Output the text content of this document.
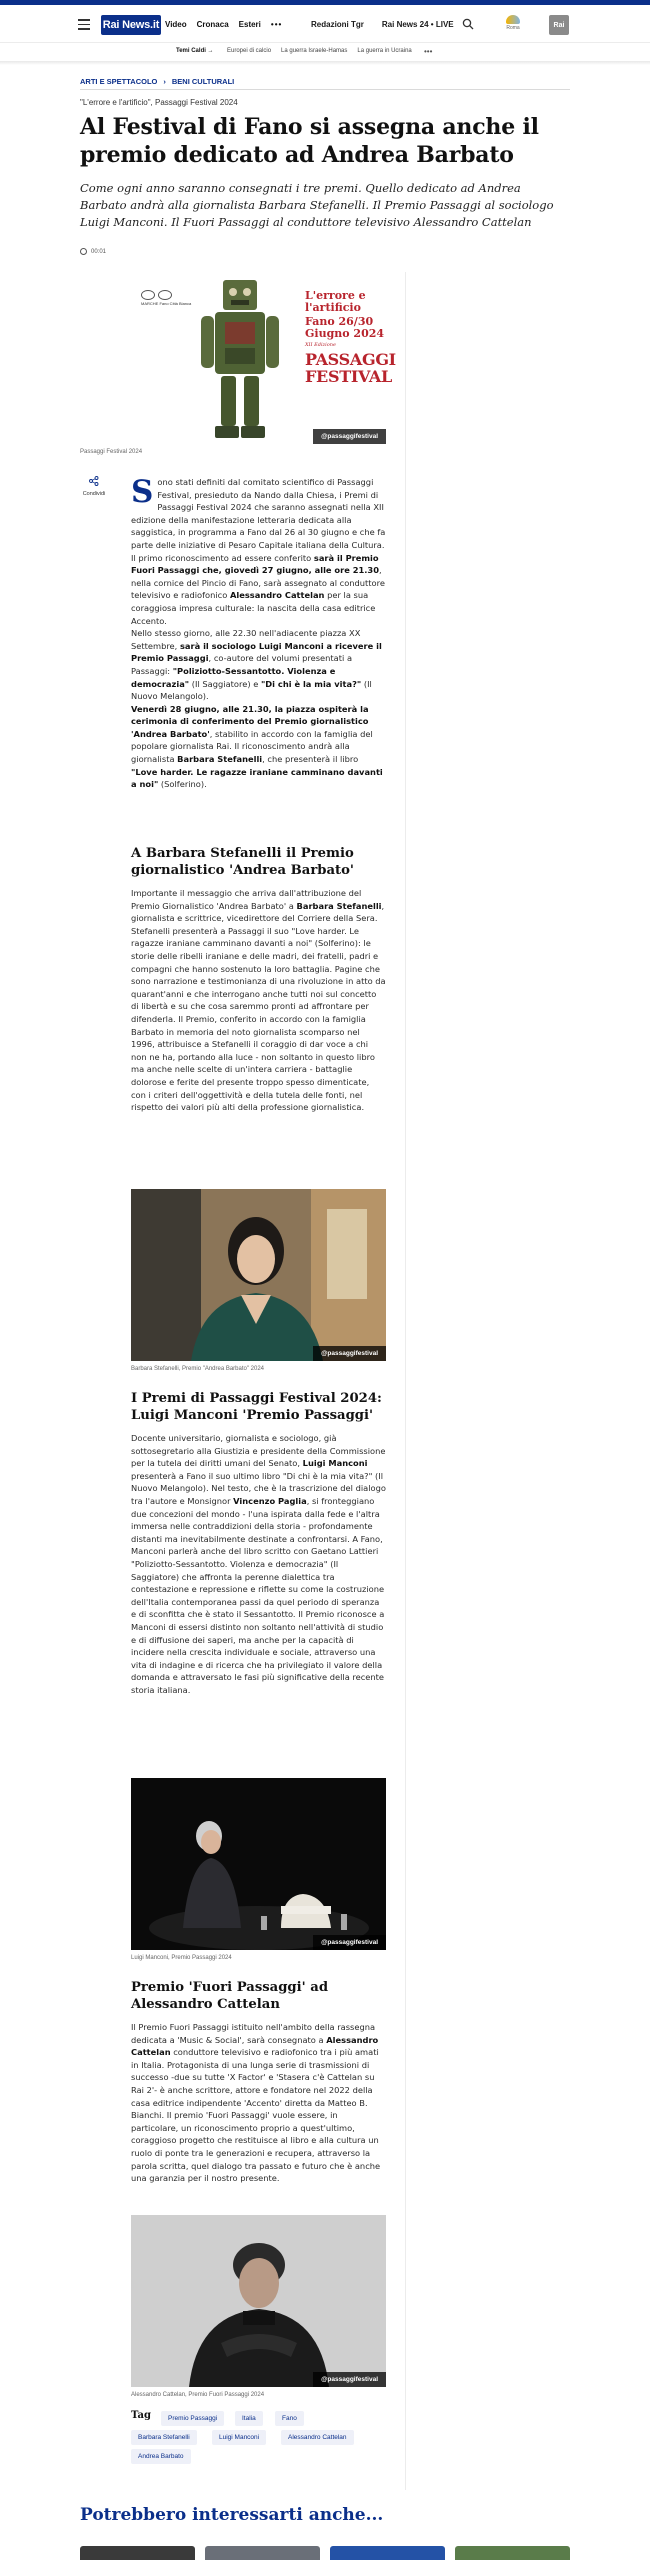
Rai News.it Video Cronaca Esteri •••	Redazioni Tgr Rai News 24 • LIVE	Roma	Rai
Temi Caldi → Europei di calcio La guerra Israele-Hamas La guerra in Ucraina •••
ARTI E SPETTACOLO › BENI CULTURALI
"L'errore e l'artificio", Passaggi Festival 2024
Al Festival di Fano si assegna anche il premio dedicato ad Andrea Barbato

Come ogni anno saranno consegnati i tre premi. Quello dedicato ad Andrea Barbato andrà alla giornalista Barbara Stefanelli. Il Premio Passaggi al sociologo Luigi Manconi. Il Fuori Passaggi al conduttore televisivo Alessandro Cattelan

00:01

MARCHE Fano Città Bianca
L'errore e l'artificio
Fano 26/30 Giugno 2024
XII Edizione
PASSAGGI FESTIVAL
@passaggifestival
Passaggi Festival 2024
Condividi Sono stati definiti dal comitato scientifico di Passaggi Festival, presieduto da Nando dalla Chiesa, i Premi di Passaggi Festival 2024 che saranno assegnati nella XII edizione della manifestazione letteraria dedicata alla saggistica, in programma a Fano dal 26 al 30 giugno e che fa parte delle iniziative di Pesaro Capitale italiana della Cultura. Il primo riconoscimento ad essere conferito sarà il Premio Fuori Passaggi che, giovedì 27 giugno, alle ore 21.30, nella cornice del Pincio di Fano, sarà assegnato al conduttore televisivo e radiofonico Alessandro Cattelan per la sua coraggiosa impresa culturale: la nascita della casa editrice Accento.
Nello stesso giorno, alle 22.30 nell'adiacente piazza XX Settembre, sarà il sociologo Luigi Manconi a ricevere il Premio Passaggi, co-autore del volumi presentati a Passaggi: "Poliziotto-Sessantotto. Violenza e democrazia" (Il Saggiatore) e "Di chi è la mia vita?" (Il Nuovo Melangolo).
Venerdì 28 giugno, alle 21.30, la piazza ospiterà la cerimonia di conferimento del Premio giornalistico 'Andrea Barbato', stabilito in accordo con la famiglia del popolare giornalista Rai. Il riconoscimento andrà alla giornalista Barbara Stefanelli, che presenterà il libro "Love harder. Le ragazze iraniane camminano davanti a noi" (Solferino).
A Barbara Stefanelli il Premio giornalistico 'Andrea Barbato'
Importante il messaggio che arriva dall'attribuzione del Premio Giornalistico 'Andrea Barbato' a Barbara Stefanelli, giornalista e scrittrice, vicedirettore del Corriere della Sera. Stefanelli presenterà a Passaggi il suo "Love harder. Le ragazze iraniane camminano davanti a noi" (Solferino): le storie delle ribelli iraniane e delle madri, dei fratelli, padri e compagni che hanno sostenuto la loro battaglia. Pagine che sono narrazione e testimonianza di una rivoluzione in atto da quarant'anni e che interrogano anche tutti noi sul concetto di libertà e su che cosa saremmo pronti ad affrontare per difenderla. Il Premio, conferito in accordo con la famiglia Barbato in memoria del noto giornalista scomparso nel 1996, attribuisce a Stefanelli il coraggio di dar voce a chi non ne ha, portando alla luce - non soltanto in questo libro ma anche nelle scelte di un'intera carriera - battaglie dolorose e ferite del presente troppo spesso dimenticate, con i criteri dell'oggettività e della tutela delle fonti, nel rispetto dei valori più alti della professione giornalistica.
@passaggifestival
Barbara Stefanelli, Premio "Andrea Barbato" 2024
I Premi di Passaggi Festival 2024: Luigi Manconi 'Premio Passaggi'
Docente universitario, giornalista e sociologo, già sottosegretario alla Giustizia e presidente della Commissione per la tutela dei diritti umani del Senato, Luigi Manconi presenterà a Fano il suo ultimo libro "Di chi è la mia vita?" (Il Nuovo Melangolo). Nel testo, che è la trascrizione del dialogo tra l'autore e Monsignor Vincenzo Paglia, si fronteggiano due concezioni del mondo - l'una ispirata dalla fede e l'altra immersa nelle contraddizioni della storia - profondamente distanti ma inevitabilmente destinate a confrontarsi. A Fano, Manconi parlerà anche del libro scritto con Gaetano Lattieri "Poliziotto-Sessantotto. Violenza e democrazia" (Il Saggiatore) che affronta la perenne dialettica tra contestazione e repressione e riflette su come la costruzione dell'Italia contemporanea passi da quel periodo di speranza e di sconfitta che è stato il Sessantotto. Il Premio riconosce a Manconi di essersi distinto non soltanto nell'attività di studio e di diffusione dei saperi, ma anche per la capacità di incidere nella crescita individuale e sociale, attraverso una vita di indagine e di ricerca che ha privilegiato il valore della domanda e attraversato le fasi più significative della recente storia italiana.
@passaggifestival
Luigi Manconi, Premio Passaggi 2024
Premio 'Fuori Passaggi' ad Alessandro Cattelan
Il Premio Fuori Passaggi istituito nell'ambito della rassegna dedicata a 'Music & Social', sarà consegnato a Alessandro Cattelan conduttore televisivo e radiofonico tra i più amati in Italia. Protagonista di una lunga serie di trasmissioni di successo -due su tutte 'X Factor' e 'Stasera c'è Cattelan su Rai 2'- è anche scrittore, attore e fondatore nel 2022 della casa editrice indipendente 'Accento' diretta da Matteo B. Bianchi. Il premio 'Fuori Passaggi' vuole essere, in particolare, un riconoscimento proprio a quest'ultimo, coraggioso progetto che restituisce al libro e alla cultura un ruolo di ponte tra le generazioni e recupera, attraverso la parola scritta, quel dialogo tra passato e futuro che è anche una garanzia per il nostro presente.
@passaggifestival
Alessandro Cattelan, Premio Fuori Passaggi 2024
Tag	Premio Passaggi	Italia	Fano
Barbara Stefanelli	Luigi Manconi	Alessandro Cattelan
Andrea Barbato
Potrebbero interessarti anche...
